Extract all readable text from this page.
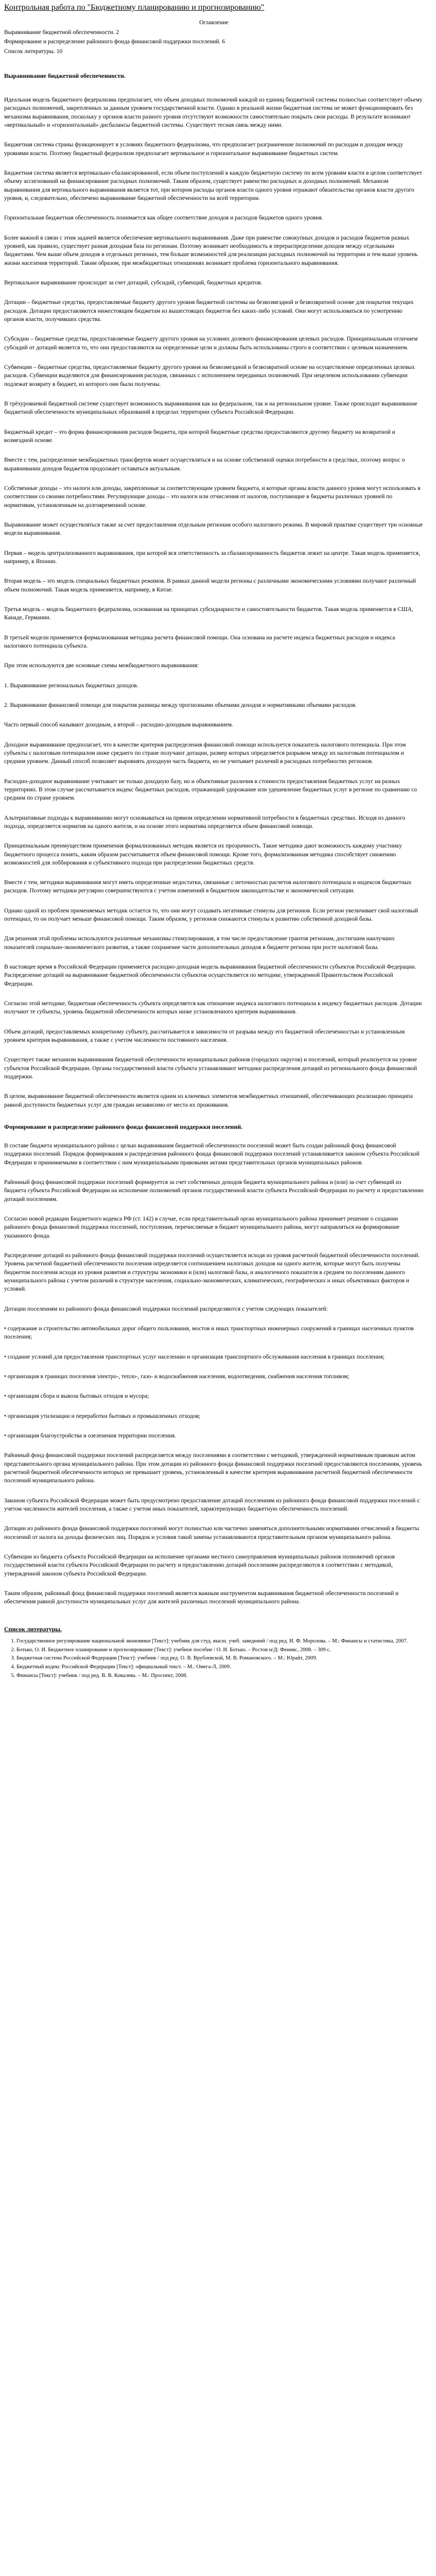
Контрольная работа по "Бюджетному планированию и прогнозированию"
Оглавление
Выравнивание бюджетной обеспеченности. 2
Формирование и распределение районного фонда финансовой поддержки поселений. 6
Список литературы. 10
Выравнивание бюджетной обеспеченности.

Идеальная модель бюджетного федерализма предполагает, что объем доходных полномочий каждой из единиц бюджетной системы полностью соответствует объему расходных полномочий, закрепленных за данным уровнем государственной власти. Однако в реальной жизни бюджетная система не может функционировать без механизма выравнивания, поскольку у органов власти разного уровня отсутствуют возможности самостоятельно покрыть свои расходы. В результате возникают «вертикальный» и «горизонтальный» дисбалансы бюджетной системы. Существует тесная связь между ними.

Бюджетная система страны функционирует в условиях бюджетного федерализма, что предполагает разграничение полномочий по расходам и доходам между уровнями власти. Поэтому бюджетный федерализм предполагает вертикальное и горизонтальное выравнивание бюджетных систем.

Бюджетная система является вертикально-сбалансированной, если объем поступлений в каждую бюджетную систему по всем уровням власти в целом соответствует объему ассигнований на финансирование расходных полномочий. Таким образом, существует равенство расходных и доходных полномочий. Механизм выравнивания для вертикального выравнивания является тот, при котором расходы органов власти одного уровня отражают обязательства органов власти другого уровня, и, следовательно, обеспечено выравнивание бюджетной обеспеченности на всей территории.

Горизонтальная бюджетная обеспеченность понимается как общее соответствие доходов и расходов бюджетов одного уровня.

Более важной в связи с этим задачей является обеспечение вертикального выравнивания. Даже при равенстве совокупных доходов и расходов бюджетов разных уровней, как правило, существует разная доходная база по регионам. Поэтому возникает необходимость в перераспределении доходов между отдельными бюджетами. Чем выше объем доходов в отдельных регионах, тем больше возможностей для реализации расходных полномочий на территории и тем выше уровень жизни населения территорий. Таким образом, при межбюджетных отношениях возникает проблема горизонтального выравнивания.

Вертикальное выравнивание происходит за счет дотаций, субсидий, субвенций, бюджетных кредитов.

Дотации – бюджетные средства, предоставляемые бюджету другого уровня бюджетной системы на безвозмездной и безвозвратной основе для покрытия текущих расходов. Дотации предоставляются нижестоящим бюджетам из вышестоящих бюджетов без каких-либо условий. Они могут использоваться по усмотрению органов власти, получивших средства.

Субсидии – бюджетные средства, предоставляемые бюджету другого уровня на условиях долевого финансирования целевых расходов. Принципиальным отличием субсидий от дотаций является то, что они предоставляются на определенные цели и должны быть использованы строго в соответствии с целевым назначением.

Субвенции – бюджетные средства, предоставляемые бюджету другого уровня на безвозмездной и безвозвратной основе на осуществление определенных целевых расходов. Субвенции выделяются для финансирования расходов, связанных с исполнением переданных полномочий. При нецелевом использовании субвенции подлежат возврату в бюджет, из которого они были получены.

В трёхуровневой бюджетной системе существует возможность выравнивания как на федеральном, так и на региональном уровне. Также происходит выравнивание бюджетной обеспеченности муниципальных образований в пределах территории субъекта Российской Федерации.

Бюджетный кредит – это форма финансирования расходов бюджета, при которой бюджетные средства предоставляются другому бюджету на возвратной и возмездной основе.

Вместе с тем, распределение межбюджетных трансфертов может осуществляться и на основе собственной оценки потребности в средствах, поэтому вопрос о выравнивании доходов бюджетов продолжает оставаться актуальным.

Собственные доходы – это налоги или доходы, закрепленные за соответствующим уровнем бюджета, и которые органы власти данного уровня могут использовать в соответствии со своими потребностями. Регулирующие доходы – это налоги или отчисления от налогов, поступающие в бюджеты различных уровней по нормативам, установленным на долговременной основе.

Выравнивание может осуществляться также за счет предоставления отдельным регионам особого налогового режима. В мировой практике существует три основные модели выравнивания.

Первая – модель централизованного выравнивания, при которой вся ответственность за сбалансированность бюджетов лежит на центре. Такая модель применяется, например, в Японии.

Вторая модель – это модель специальных бюджетных режимов. В рамках данной модели регионы с различными экономическими условиями получают различный объем полномочий. Такая модель применяется, например, в Китае.

Третья модель – модель бюджетного федерализма, основанная на принципах субсидиарности и самостоятельности бюджетов. Такая модель применяется в США, Канаде, Германии.

В третьей модели применяется формализованная методика расчета финансовой помощи. Она основана на расчете индекса бюджетных расходов и индекса налогового потенциала субъекта.

При этом используются две основные схемы межбюджетного выравнивания:

1. Выравнивание региональных бюджетных доходов.
2. Выравнивание финансовой помощи для покрытия разницы между прогнозными объемами доходов и нормативными объемами расходов.

Часто первый способ называют доходным, а второй – расходно-доходным выравниванием.

Доходное выравнивание предполагает, что в качестве критерия распределения финансовой помощи используется показатель налогового потенциала. При этом субъекты с налоговым потенциалом ниже среднего по стране получают дотации, размер которых определяется разрывом между их налоговым потенциалом и средним уровнем. Данный способ позволяет выровнять доходную часть бюджета, но не учитывает различий в расходных потребностях регионов.

Расходно-доходное выравнивание учитывает не только доходную базу, но и объективные различия в стоимости предоставления бюджетных услуг на разных территориях. В этом случае рассчитывается индекс бюджетных расходов, отражающий удорожание или удешевление бюджетных услуг в регионе по сравнению со средним по стране уровнем.

Альтернативные подходы к выравниванию могут основываться на прямом определении нормативной потребности в бюджетных средствах. Исходя из данного подхода, определяется норматив на одного жителя, и на основе этого норматива определяется объем финансовой помощи.

Принципиальным преимуществом применения формализованных методик является их прозрачность. Такие методики дают возможность каждому участнику бюджетного процесса понять, каким образом рассчитывается объем финансовой помощи. Кроме того, формализованная методика способствует снижению возможностей для лоббирования и субъективного подхода при распределении бюджетных средств.

Вместе с тем, методики выравнивания могут иметь определенные недостатки, связанные с неточностью расчетов налогового потенциала и индексов бюджетных расходов. Поэтому методики регулярно совершенствуются с учетом изменений в бюджетном законодательстве и экономической ситуации.

Однако одной из проблем применяемых методик остается то, что они могут создавать негативные стимулы для регионов. Если регион увеличивает свой налоговый потенциал, то он получает меньше финансовой помощи. Таким образом, у регионов снижаются стимулы к развитию собственной доходной базы.

Для решения этой проблемы используются различные механизмы стимулирования, в том числе предоставление грантов регионам, достигшим наилучших показателей социально-экономического развития, а также сохранение части дополнительных доходов в бюджете региона при росте налоговой базы.

В настоящее время в Российской Федерации применяется расходно-доходная модель выравнивания бюджетной обеспеченности субъектов Российской Федерации. Распределение дотаций на выравнивание бюджетной обеспеченности субъектов осуществляется по методике, утвержденной Правительством Российской Федерации.

Согласно этой методике, бюджетная обеспеченность субъекта определяется как отношение индекса налогового потенциала к индексу бюджетных расходов. Дотации получают те субъекты, уровень бюджетной обеспеченности которых ниже установленного критерия выравнивания.

Объем дотаций, предоставляемых конкретному субъекту, рассчитывается в зависимости от разрыва между его бюджетной обеспеченностью и установленным уровнем критерия выравнивания, а также с учетом численности постоянного населения.

Существует также механизм выравнивания бюджетной обеспеченности муниципальных районов (городских округов) и поселений, который реализуется на уровне субъектов Российской Федерации. Органы государственной власти субъекта устанавливают методики распределения дотаций из регионального фонда финансовой поддержки.

В целом, выравнивание бюджетной обеспеченности является одним из ключевых элементов межбюджетных отношений, обеспечивающих реализацию принципа равной доступности бюджетных услуг для граждан независимо от места их проживания.

Формирование и распределение районного фонда финансовой поддержки поселений.

В составе бюджета муниципального района с целью выравнивания бюджетной обеспеченности поселений может быть создан районный фонд финансовой поддержки поселений. Порядок формирования и распределения районного фонда финансовой поддержки поселений устанавливается законом субъекта Российской Федерации и принимаемыми в соответствии с ним муниципальными правовыми актами представительных органов муниципальных районов.

Районный фонд финансовой поддержки поселений формируется за счет собственных доходов бюджета муниципального района и (или) за счет субвенций из бюджета субъекта Российской Федерации на исполнение полномочий органов государственной власти субъекта Российской Федерации по расчету и предоставлению дотаций поселениям.

Согласно новой редакции Бюджетного кодекса РФ (ст. 142) в случае, если представительный орган муниципального района принимает решение о создании районного фонда финансовой поддержки поселений, поступления, перечисляемые в бюджет муниципального района, могут направляться на формирование указанного фонда.

Распределение дотаций из районного фонда финансовой поддержки поселений осуществляется исходя из уровня расчетной бюджетной обеспеченности поселений. Уровень расчетной бюджетной обеспеченности поселения определяется соотношением налоговых доходов на одного жителя, которые могут быть получены бюджетом поселения исходя из уровня развития и структуры экономики и (или) налоговой базы, и аналогичного показателя в среднем по поселениям данного муниципального района с учетом различий в структуре населения, социально-экономических, климатических, географических и иных объективных факторов и условий.

Дотации поселениям из районного фонда финансовой поддержки поселений распределяются с учетом следующих показателей:

• содержание и строительство автомобильных дорог общего пользования, мостов и иных транспортных инженерных сооружений в границах населенных пунктов поселения;

• создание условий для предоставления транспортных услуг населению и организация транспортного обслуживания населения в границах поселения;

• организация в границах поселения электро-, тепло-, газо- и водоснабжения населения, водоотведения, снабжения населения топливом;

• организация сбора и вывоза бытовых отходов и мусора;

• организация утилизации и переработки бытовых и промышленных отходов;

• организация благоустройства и озеленения территории поселения.

Районный фонд финансовой поддержки поселений распределяется между поселениями в соответствии с методикой, утвержденной нормативным правовым актом представительного органа муниципального района. При этом дотации из районного фонда финансовой поддержки поселений предоставляются поселениям, уровень расчетной бюджетной обеспеченности которых не превышает уровень, установленный в качестве критерия выравнивания расчетной бюджетной обеспеченности поселений муниципального района.

Законом субъекта Российской Федерации может быть предусмотрено предоставление дотаций поселениям из районного фонда финансовой поддержки поселений с учетом численности жителей поселения, а также с учетом иных показателей, характеризующих бюджетную обеспеченность поселений.

Дотации из районного фонда финансовой поддержки поселений могут полностью или частично заменяться дополнительными нормативами отчислений в бюджеты поселений от налога на доходы физических лиц. Порядок и условия такой замены устанавливаются представительным органом муниципального района.

Субвенции из бюджета субъекта Российской Федерации на исполнение органами местного самоуправления муниципальных районов полномочий органов государственной власти субъекта Российской Федерации по расчету и предоставлению дотаций поселениям распределяются в соответствии с методикой, утвержденной законом субъекта Российской Федерации.

Таким образом, районный фонд финансовой поддержки поселений является важным инструментом выравнивания бюджетной обеспеченности поселений и обеспечения равной доступности муниципальных услуг для жителей различных поселений муниципального района.

Список литературы.
1. Государственное регулирование национальной экономики [Текст]: учебник для студ. высш. учеб. заведений / под ред. И. Ф. Морозова. – М.: Финансы и статистика, 2007.
2. Ботько, О. И. Бюджетное планирование и прогнозирование [Текст]: учебное пособие / О. И. Ботько. – Ростов н/Д: Феникс, 2008. – 309 с.
3. Бюджетная система Российской Федерации [Текст]: учебник / под ред. О. В. Врублевской, М. В. Романовского. – М.: Юрайт, 2009.
4. Бюджетный кодекс Российской Федерации [Текст]: официальный текст. – М.: Омега-Л, 2009.
5. Финансы [Текст]: учебник / под ред. В. В. Ковалева. – М.: Проспект, 2008.
